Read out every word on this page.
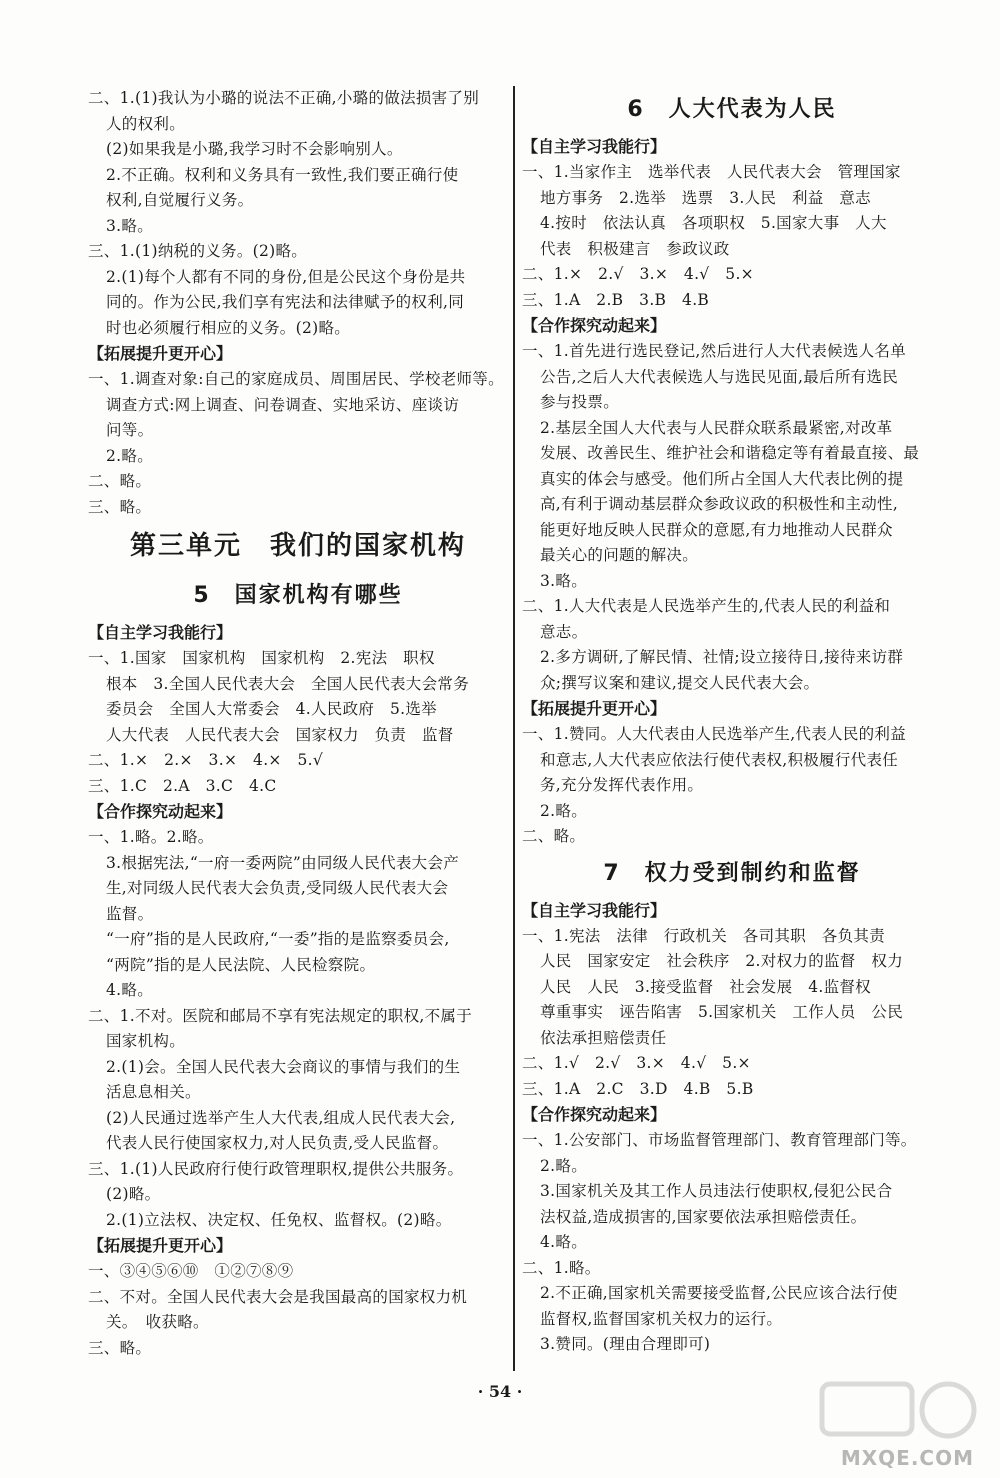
二、1.(1)我认为小璐的说法不正确,小璐的做法损害了别
人的权利。
(2)如果我是小璐,我学习时不会影响别人。
2.不正确。权利和义务具有一致性,我们要正确行使
权利,自觉履行义务。
3.略。
三、1.(1)纳税的义务。(2)略。
2.(1)每个人都有不同的身份,但是公民这个身份是共
同的。作为公民,我们享有宪法和法律赋予的权利,同
时也必须履行相应的义务。(2)略。
【拓展提升更开心】
一、1.调查对象:自己的家庭成员、周围居民、学校老师等。
调查方式:网上调查、问卷调查、实地采访、座谈访
问等。
2.略。
二、略。
三、略。
第三单元　我们的国家机构
5　国家机构有哪些
【自主学习我能行】
一、1.国家　国家机构　国家机构　2.宪法　职权
根本　3.全国人民代表大会　全国人民代表大会常务
委员会　全国人大常委会　4.人民政府　5.选举
人大代表　人民代表大会　国家权力　负责　监督
二、1.×　2.×　3.×　4.×　5.√
三、1.C　2.A　3.C　4.C
【合作探究动起来】
一、1.略。2.略。
3.根据宪法,“一府一委两院”由同级人民代表大会产
生,对同级人民代表大会负责,受同级人民代表大会
监督。
“一府”指的是人民政府,“一委”指的是监察委员会,
“两院”指的是人民法院、人民检察院。
4.略。
二、1.不对。医院和邮局不享有宪法规定的职权,不属于
国家机构。
2.(1)会。全国人民代表大会商议的事情与我们的生
活息息相关。
(2)人民通过选举产生人大代表,组成人民代表大会,
代表人民行使国家权力,对人民负责,受人民监督。
三、1.(1)人民政府行使行政管理职权,提供公共服务。
(2)略。
2.(1)立法权、决定权、任免权、监督权。(2)略。
【拓展提升更开心】
一、③④⑤⑥⑩　①②⑦⑧⑨
二、不对。全国人民代表大会是我国最高的国家权力机
关。　收获略。
三、略。
6　人大代表为人民
【自主学习我能行】
一、1.当家作主　选举代表　人民代表大会　管理国家
地方事务　2.选举　选票　3.人民　利益　意志
4.按时　依法认真　各项职权　5.国家大事　人大
代表　积极建言　参政议政
二、1.×　2.√　3.×　4.√　5.×
三、1.A　2.B　3.B　4.B
【合作探究动起来】
一、1.首先进行选民登记,然后进行人大代表候选人名单
公告,之后人大代表候选人与选民见面,最后所有选民
参与投票。
2.基层全国人大代表与人民群众联系最紧密,对改革
发展、改善民生、维护社会和谐稳定等有着最直接、最
真实的体会与感受。他们所占全国人大代表比例的提
高,有利于调动基层群众参政议政的积极性和主动性,
能更好地反映人民群众的意愿,有力地推动人民群众
最关心的问题的解决。
3.略。
二、1.人大代表是人民选举产生的,代表人民的利益和
意志。
2.多方调研,了解民情、社情;设立接待日,接待来访群
众;撰写议案和建议,提交人民代表大会。
【拓展提升更开心】
一、1.赞同。人大代表由人民选举产生,代表人民的利益
和意志,人大代表应依法行使代表权,积极履行代表任
务,充分发挥代表作用。
2.略。
二、略。
7　权力受到制约和监督
【自主学习我能行】
一、1.宪法　法律　行政机关　各司其职　各负其责
人民　国家安定　社会秩序　2.对权力的监督　权力
人民　人民　3.接受监督　社会发展　4.监督权
尊重事实　诬告陷害　5.国家机关　工作人员　公民
依法承担赔偿责任
二、1.√　2.√　3.×　4.√　5.×
三、1.A　2.C　3.D　4.B　5.B
【合作探究动起来】
一、1.公安部门、市场监督管理部门、教育管理部门等。
2.略。
3.国家机关及其工作人员违法行使职权,侵犯公民合
法权益,造成损害的,国家要依法承担赔偿责任。
4.略。
二、1.略。
2.不正确,国家机关需要接受监督,公民应该合法行使
监督权,监督国家机关权力的运行。
3.赞同。(理由合理即可)
· 54 ·
MXQE.COM
